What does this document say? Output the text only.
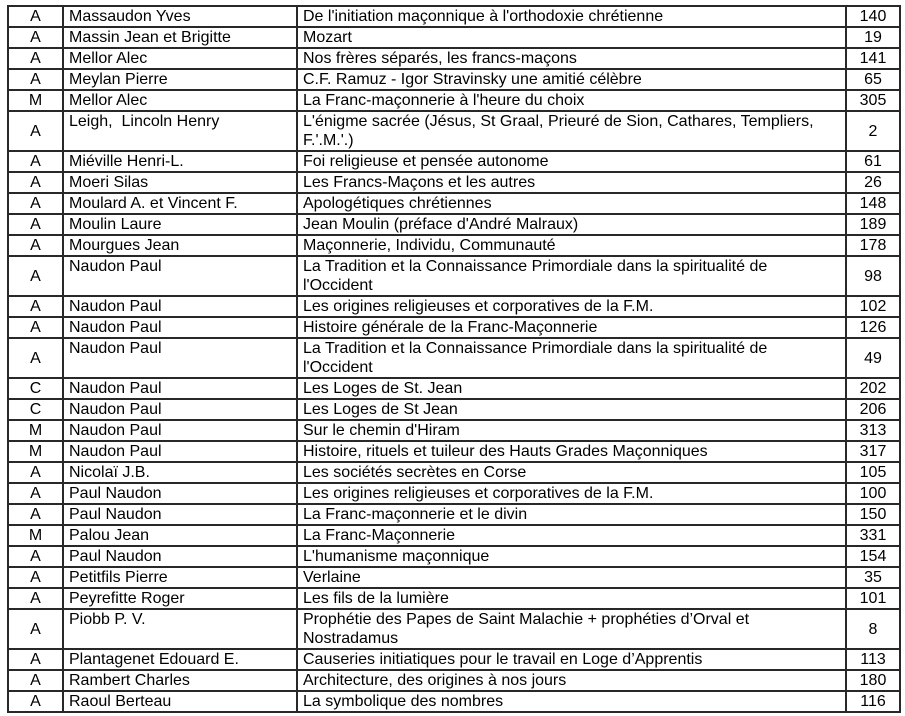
A	Massaudon Yves	De l'initiation maçonnique à l'orthodoxie chrétienne	140
A	Massin Jean et Brigitte	Mozart	19
A	Mellor Alec	Nos frères séparés, les francs-maçons	141
A	Meylan Pierre	C.F. Ramuz - Igor Stravinsky une amitié célèbre	65
M	Mellor Alec	La Franc-maçonnerie à l'heure du choix	305
A	Leigh,  Lincoln Henry	L'énigme sacrée (Jésus, St Graal, Prieuré de Sion, Cathares, Templiers, F.'.M.'.)	2
A	Miéville Henri-L.	Foi religieuse et pensée autonome	61
A	Moeri Silas	Les Francs-Maçons et les autres	26
A	Moulard A. et Vincent F.	Apologétiques chrétiennes	148
A	Moulin Laure	Jean Moulin (préface d'André Malraux)	189
A	Mourgues Jean	Maçonnerie, Individu, Communauté	178
A	Naudon Paul	La Tradition et la Connaissance Primordiale dans la spiritualité de l'Occident	98
A	Naudon Paul	Les origines religieuses et corporatives de la F.M.	102
A	Naudon Paul	Histoire générale de la Franc-Maçonnerie	126
A	Naudon Paul	La Tradition et la Connaissance Primordiale dans la spiritualité de l'Occident	49
C	Naudon Paul	Les Loges de St. Jean	202
C	Naudon Paul	Les Loges de St Jean	206
M	Naudon Paul	Sur le chemin d'Hiram	313
M	Naudon Paul	Histoire, rituels et tuileur des Hauts Grades Maçonniques	317
A	Nicolaï J.B.	Les sociétés secrètes en Corse	105
A	Paul Naudon	Les origines religieuses et corporatives de la F.M.	100
A	Paul Naudon	La Franc-maçonnerie et le divin	150
M	Palou Jean	La Franc-Maçonnerie	331
A	Paul Naudon	L'humanisme maçonnique	154
A	Petitfils Pierre	Verlaine	35
A	Peyrefitte Roger	Les fils de la lumière	101
A	Piobb P. V.	Prophétie des Papes de Saint Malachie + prophéties d’Orval et Nostradamus	8
A	Plantagenet Edouard E.	Causeries initiatiques pour le travail en Loge d’Apprentis	113
A	Rambert Charles	Architecture, des origines à nos jours	180
A	Raoul Berteau	La symbolique des nombres	116
